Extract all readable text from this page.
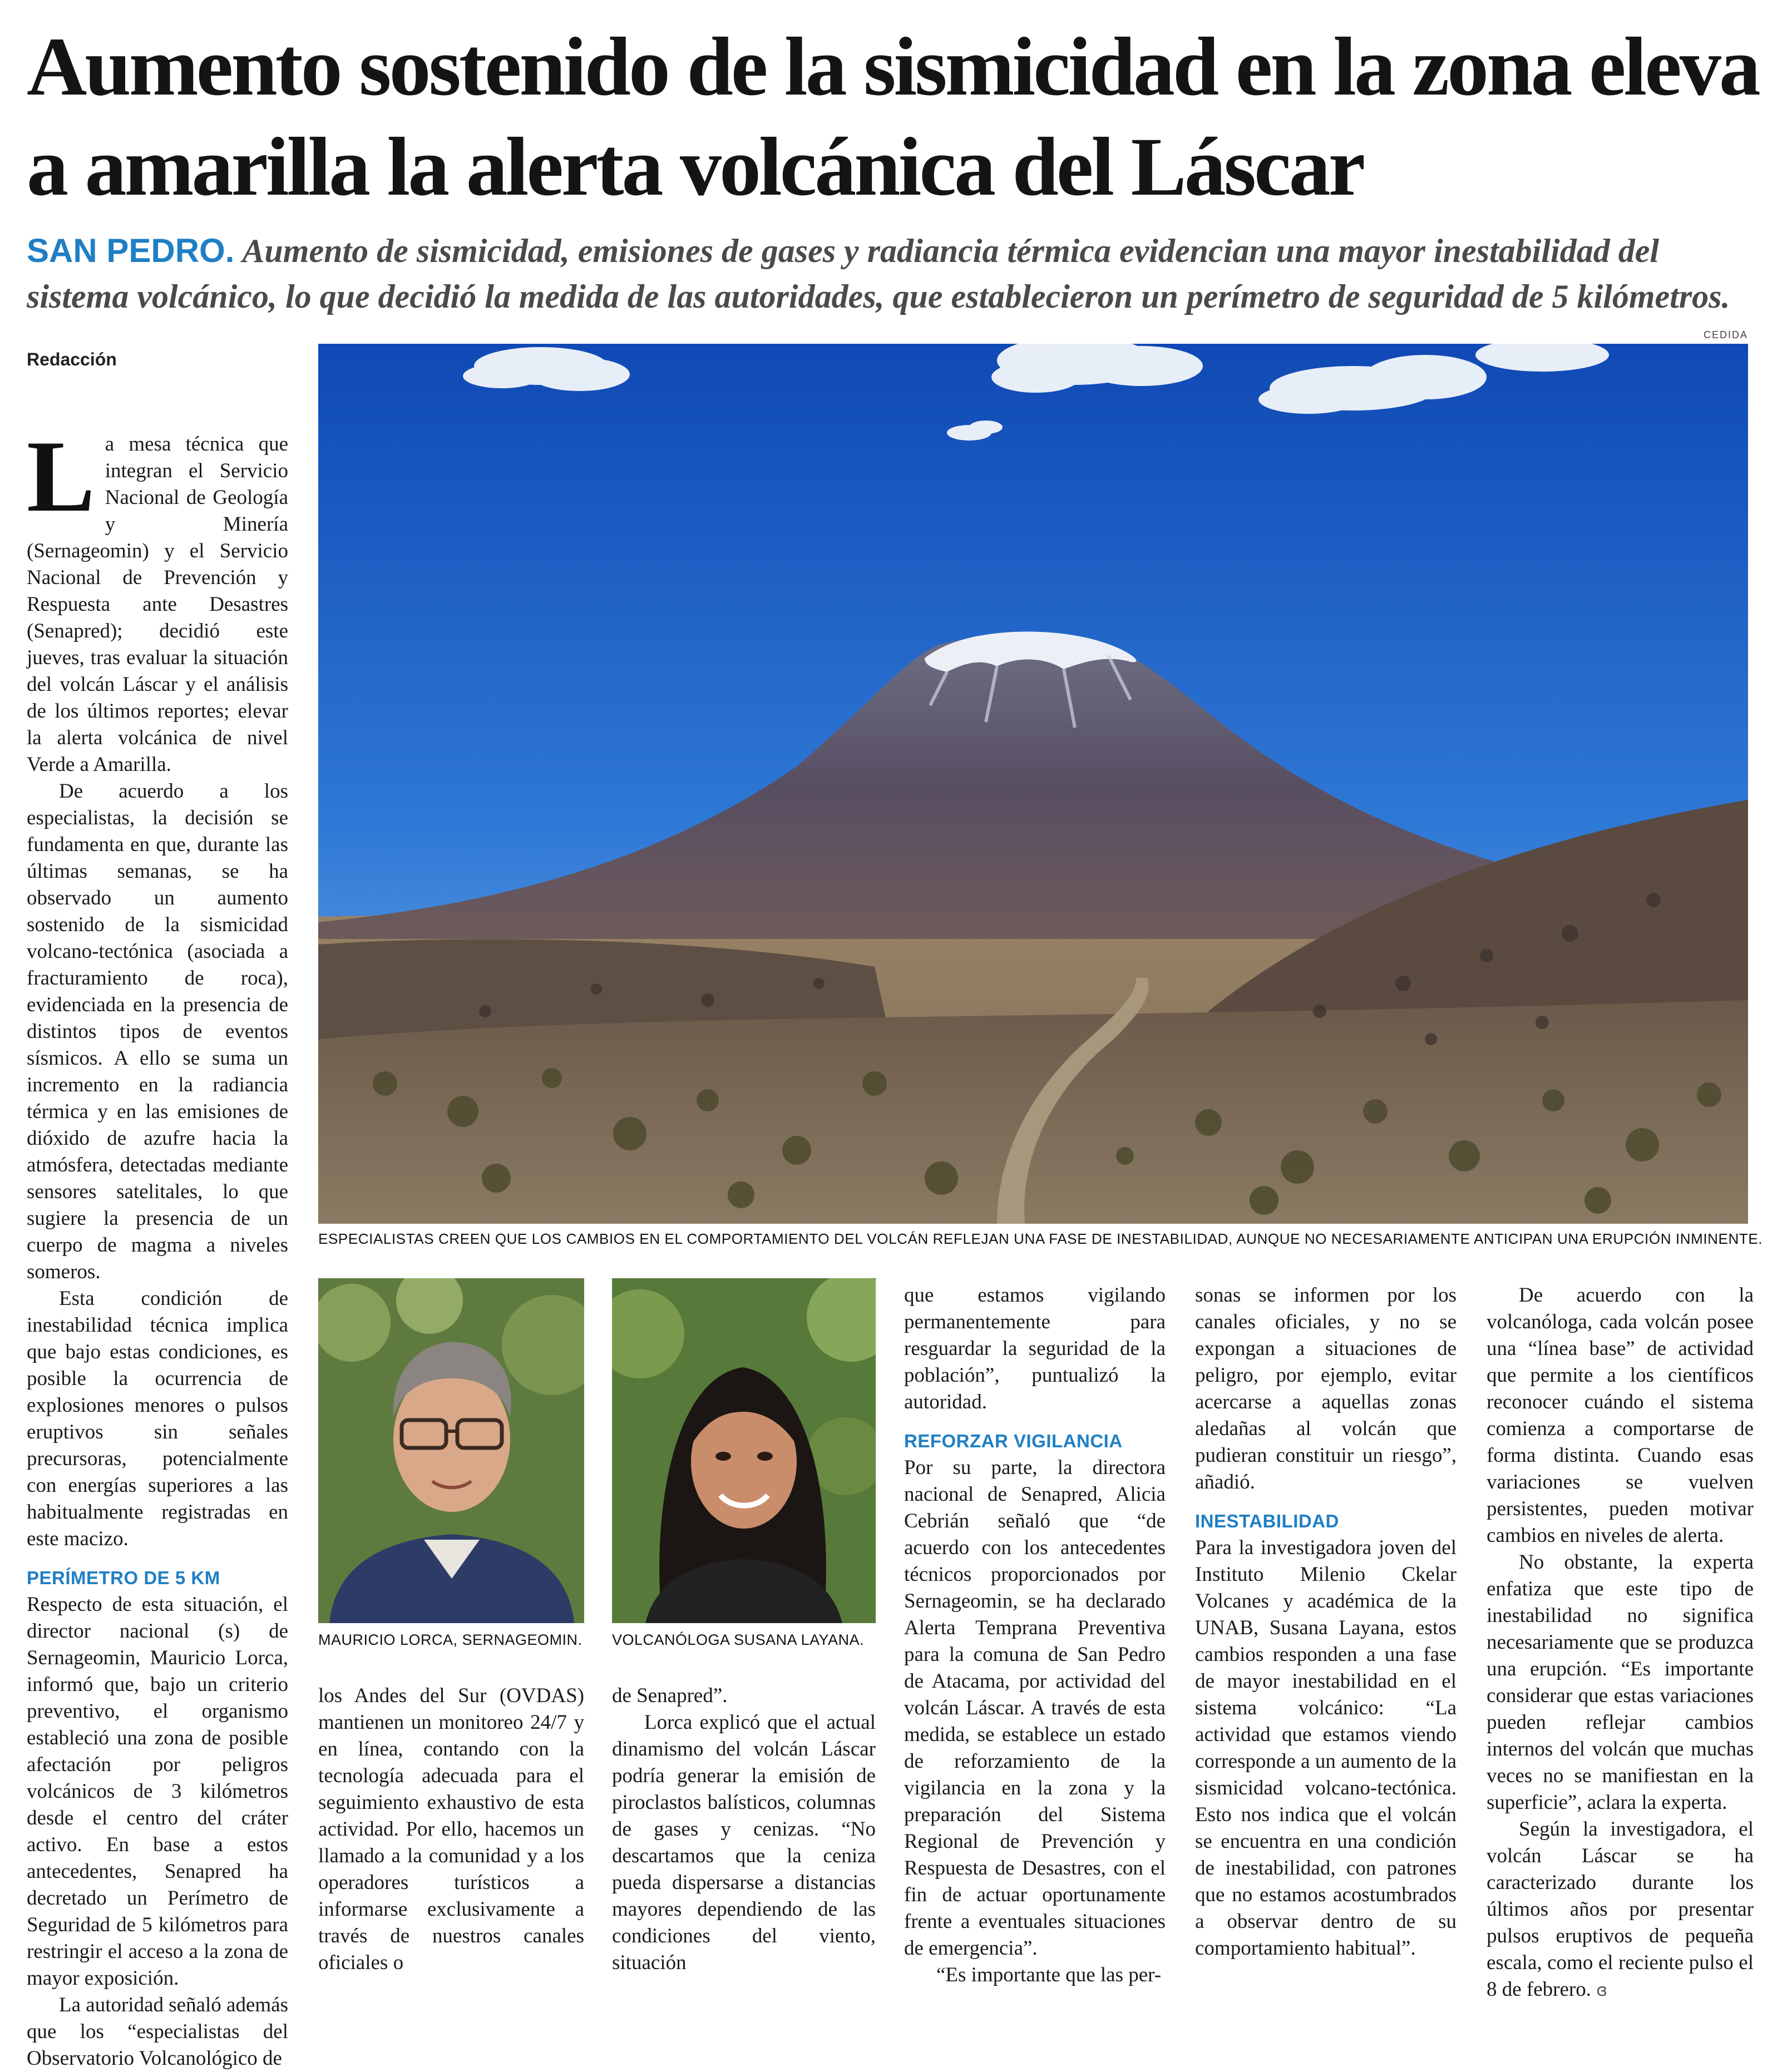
Aumento sostenido de la sismicidad en la zona eleva a amarilla la alerta volcánica del Láscar

SAN PEDRO. Aumento de sismicidad, emisiones de gases y radiancia térmica evidencian una mayor inestabilidad del sistema volcánico, lo que decidió la medida de las autoridades, que establecieron un perímetro de seguridad de 5 kilómetros.

CEDIDA
Redacción
ESPECIALISTAS CREEN QUE LOS CAMBIOS EN EL COMPORTAMIENTO DEL VOLCÁN REFLEJAN UNA FASE DE INESTABILIDAD, AUNQUE NO NECESARIAMENTE ANTICIPAN UNA ERUPCIÓN INMINENTE.
MAURICIO LORCA, SERNAGEOMIN. VOLCANÓLOGA SUSANA LAYANA.

La mesa técnica que integran el Servicio Nacional de Geología y Minería (Sernageomin) y el Servicio Nacional de Prevención y Respuesta ante Desastres (Senapred); decidió este jueves, tras evaluar la situación del volcán Láscar y el análisis de los últimos reportes; elevar la alerta volcánica de nivel Verde a Amarilla.

De acuerdo a los especialistas, la decisión se fundamenta en que, durante las últimas semanas, se ha observado un aumento sostenido de la sismicidad volcano-tectónica (asociada a fracturamiento de roca), evidenciada en la presencia de distintos tipos de eventos sísmicos. A ello se suma un incremento en la radiancia térmica y en las emisiones de dióxido de azufre hacia la atmósfera, detectadas mediante sensores satelitales, lo que sugiere la presencia de un cuerpo de magma a niveles someros.

Esta condición de inestabilidad técnica implica que bajo estas condiciones, es posible la ocurrencia de explosiones menores o pulsos eruptivos sin señales precursoras, potencialmente con energías superiores a las habitualmente registradas en este macizo.

PERÍMETRO DE 5 KM

Respecto de esta situación, el director nacional (s) de Sernageomin, Mauricio Lorca, informó que, bajo un criterio preventivo, el organismo estableció una zona de posible afectación por peligros volcánicos de 3 kilómetros desde el centro del cráter activo. En base a estos antecedentes, Senapred ha decretado un Perímetro de Seguridad de 5 kilómetros para restringir el acceso a la zona de mayor exposición.

La autoridad señaló además que los “especialistas del Observatorio Volcanológico de

los Andes del Sur (OVDAS) mantienen un monitoreo 24/7 y en línea, contando con la tecnología adecuada para el seguimiento exhaustivo de esta actividad. Por ello, hacemos un llamado a la comunidad y a los operadores turísticos a informarse exclusivamente a través de nuestros canales oficiales o

de Senapred”.

Lorca explicó que el actual dinamismo del volcán Láscar podría generar la emisión de piroclastos balísticos, columnas de gases y cenizas. “No descartamos que la ceniza pueda dispersarse a distancias mayores dependiendo de las condiciones del viento, situación

que estamos vigilando permanentemente para resguardar la seguridad de la población”, puntualizó la autoridad.

REFORZAR VIGILANCIA

Por su parte, la directora nacional de Senapred, Alicia Cebrián señaló que “de acuerdo con los antecedentes técnicos proporcionados por Sernageomin, se ha declarado Alerta Temprana Preventiva para la comuna de San Pedro de Atacama, por actividad del volcán Láscar. A través de esta medida, se establece un estado de reforzamiento de la vigilancia en la zona y la preparación del Sistema Regional de Prevención y Respuesta de Desastres, con el fin de actuar oportunamente frente a eventuales situaciones de emergencia”.

“Es importante que las per-

sonas se informen por los canales oficiales, y no se expongan a situaciones de peligro, por ejemplo, evitar acercarse a aquellas zonas aledañas al volcán que pudieran constituir un riesgo”, añadió.

INESTABILIDAD

Para la investigadora joven del Instituto Milenio Ckelar Volcanes y académica de la UNAB, Susana Layana, estos cambios responden a una fase de mayor inestabilidad en el sistema volcánico: “La actividad que estamos viendo corresponde a un aumento de la sismicidad volcano-tectónica. Esto nos indica que el volcán se encuentra en una condición de inestabilidad, con patrones que no estamos acostumbrados a observar dentro de su comportamiento habitual”.

De acuerdo con la volcanóloga, cada volcán posee una “línea base” de actividad que permite a los científicos reconocer cuándo el sistema comienza a comportarse de forma distinta. Cuando esas variaciones se vuelven persistentes, pueden motivar cambios en niveles de alerta.

No obstante, la experta enfatiza que este tipo de inestabilidad no significa necesariamente que se produzca una erupción. “Es importante considerar que estas variaciones pueden reflejar cambios internos del volcán que muchas veces no se manifiestan en la superficie”, aclara la experta.

Según la investigadora, el volcán Láscar se ha caracterizado durante los últimos años por presentar pulsos eruptivos de pequeña escala, como el reciente pulso el 8 de febrero. ɞ
